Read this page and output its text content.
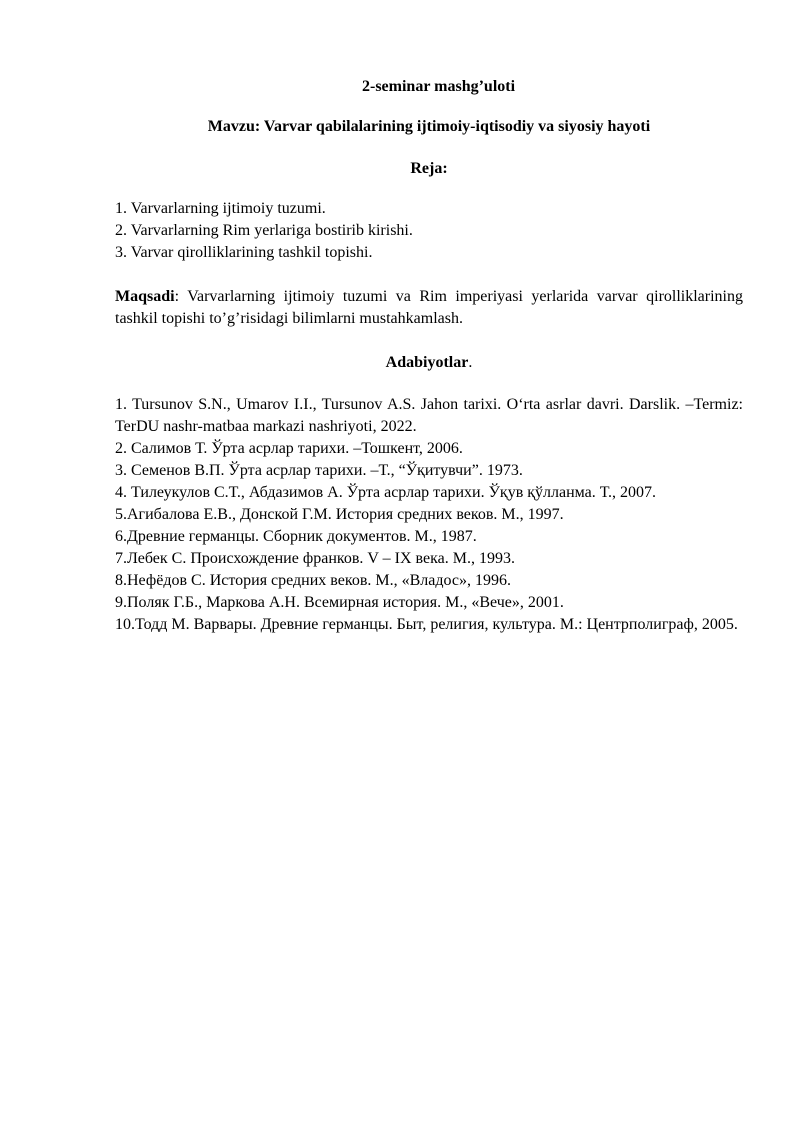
2-seminar mashg’uloti

Mavzu: Varvar qabilalarining ijtimoiy-iqtisodiy va siyosiy hayoti

Reja:

1. Varvarlarning ijtimoiy tuzumi.
2. Varvarlarning Rim yerlariga bostirib kirishi.
3. Varvar qirolliklarining tashkil topishi.

Maqsadi: Varvarlarning ijtimoiy tuzumi va Rim imperiyasi yerlarida varvar qirolliklarining tashkil topishi to’g’risidagi bilimlarni mustahkamlash.

Adabiyotlar.

1. Tursunov S.N., Umarov I.I., Tursunov A.S. Jahon tarixi. O‘rta asrlar davri. Darslik. –Termiz: TerDU nashr-matbaa markazi nashriyoti, 2022.
2. Салимов Т. Ўрта асрлар тарихи. –Тошкент, 2006.
3. Семенов В.П. Ўрта асрлар тарихи. –Т., “Ўқитувчи”. 1973.
4. Тилеукулов С.Т., Абдазимов А. Ўрта асрлар тарихи. Ўқув қўлланма. Т., 2007.
5.Агибалова Е.В., Донской Г.М. История средних веков. М., 1997.
6.Древние германцы. Сборник документов. М., 1987.
7.Лебек С. Происхождение франков. V – IX века. М., 1993.
8.Нефёдов С. История средних веков. М., «Владос», 1996.
9.Поляк Г.Б., Маркова А.Н. Всемирная история. М., «Вече», 2001.
10.Тодд М. Варвары. Древние германцы. Быт, религия, культура. М.: Центрполиграф, 2005.
